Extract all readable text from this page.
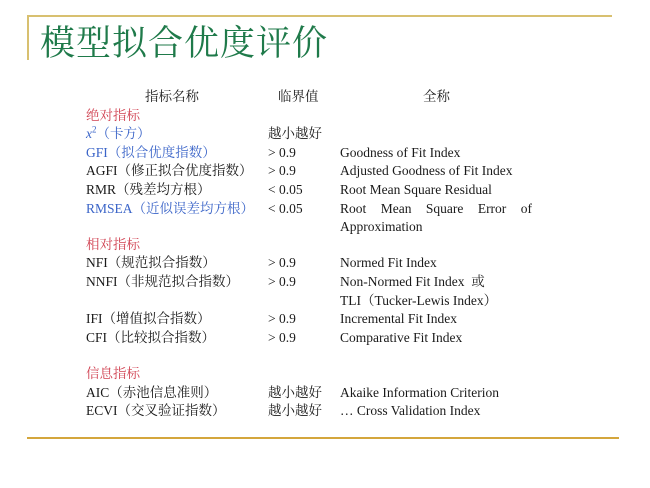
模型拟合优度评价
指标名称	临界值	全称
绝对指标
$x^2$（卡方）	越小越好
GFI（拟合优度指数）	> 0.9	Goodness of Fit Index
AGFI（修正拟合优度指数） > 0.9	Adjusted Goodness of Fit Index
RMR（残差均方根）	< 0.05	Root Mean Square Residual
RMSEA（近似误差均方根） < 0.05	Root Mean Square Error of
Approximation
相对指标
NFI（规范拟合指数）	> 0.9	Normed Fit Index
NNFI（非规范拟合指数） > 0.9	Non-Normed Fit Index  或
TLI（Tucker-Lewis Index）
IFI（增值拟合指数）	> 0.9	Incremental Fit Index
CFI（比较拟合指数）	> 0.9	Comparative Fit Index
信息指标
AIC（赤池信息准则）	越小越好 Akaike Information Criterion
ECVI（交叉验证指数）	越小越好 … Cross Validation Index
